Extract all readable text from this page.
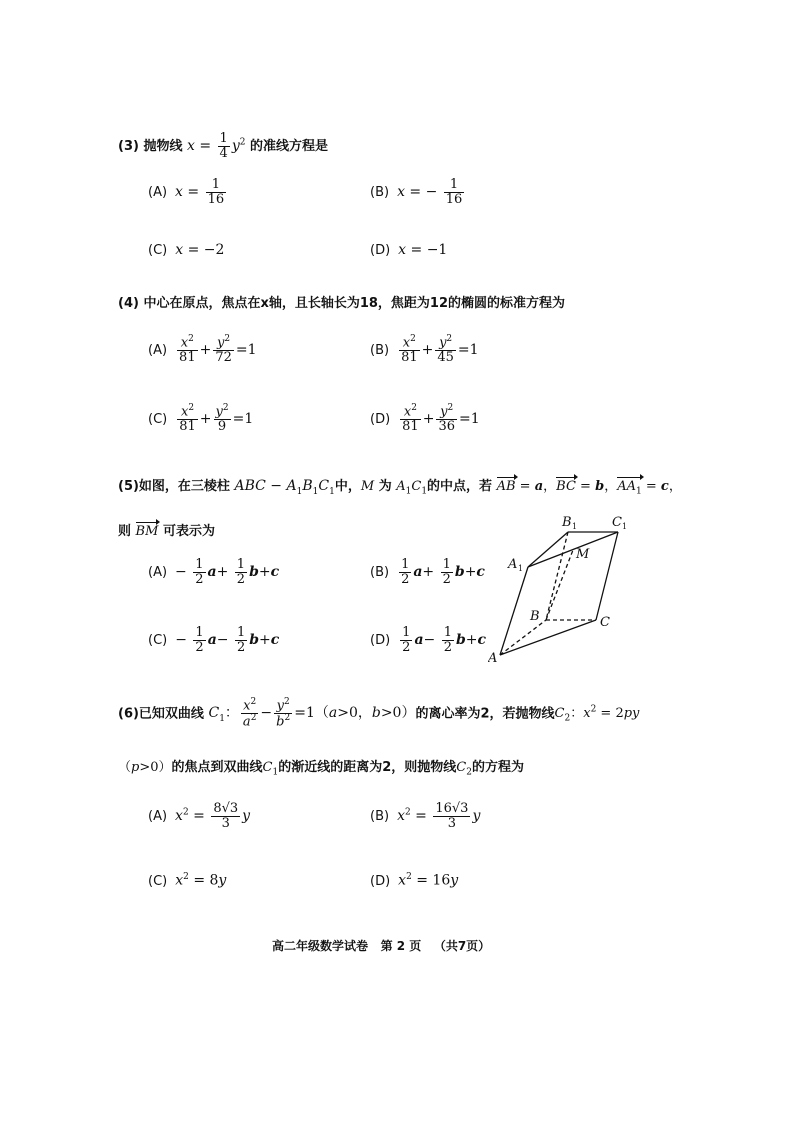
(3) 抛物线 $x = \frac{1}{4} y^2$ 的准线方程是
(A) $x = \frac{1}{16}$	(B) x = − $\frac{1}{16}$
(C) x = −2	(D) x = −1
(4) 中心在原点，焦点在x轴，且长轴长为18，焦距为12的椭圆的标准方程为
$(A) \frac{x^2}{81} + \frac{y^2}{72} =1$	$(B) \frac{x^2}{81} + \frac{y^2}{45} =1$
$(C) \frac{x^2}{81} + \frac{y^2}{9} =1$	$(D) \frac{x^2}{81} + \frac{y^2}{36} =1$
(5)如图，在三棱柱 ABC − $A_1B_1C_1$中，M 为 $A_1C_1$的中点，若 AB = a，BC = b，$AA_1 = c$，
则 BM 可表示为
$(A) - \frac{1}{2} a+ \frac{1}{2} b+c$	$(B) \frac{1}{2} a+ \frac{1}{2} b+c$
$(C) - \frac{1}{2} a- \frac{1}{2} b+c$	$(D) \frac{1}{2} a- \frac{1}{2} b+c$
B 1	C 1
A 1
M
B	C
A
(6)已知双曲线 $C_1$： $\frac{x^2}{a^2} - \frac{y^2}{b^2} =1(a>0$，b>0）的离心率为2，若抛物线$C_2$：$x^2 = 2py$
（p>0）的焦点到双曲线$C_1$的渐近线的距离为2，则抛物线$C_2$的方程为
(A) $x^2 = \frac{8√3}{3}$ y	(B) $x^2 = \frac{16√3}{3}$ y
(C) $x^2 = 8y$	(D) $x^2 = 16y$
高二年级数学试卷 第 2 页 （共7页）
